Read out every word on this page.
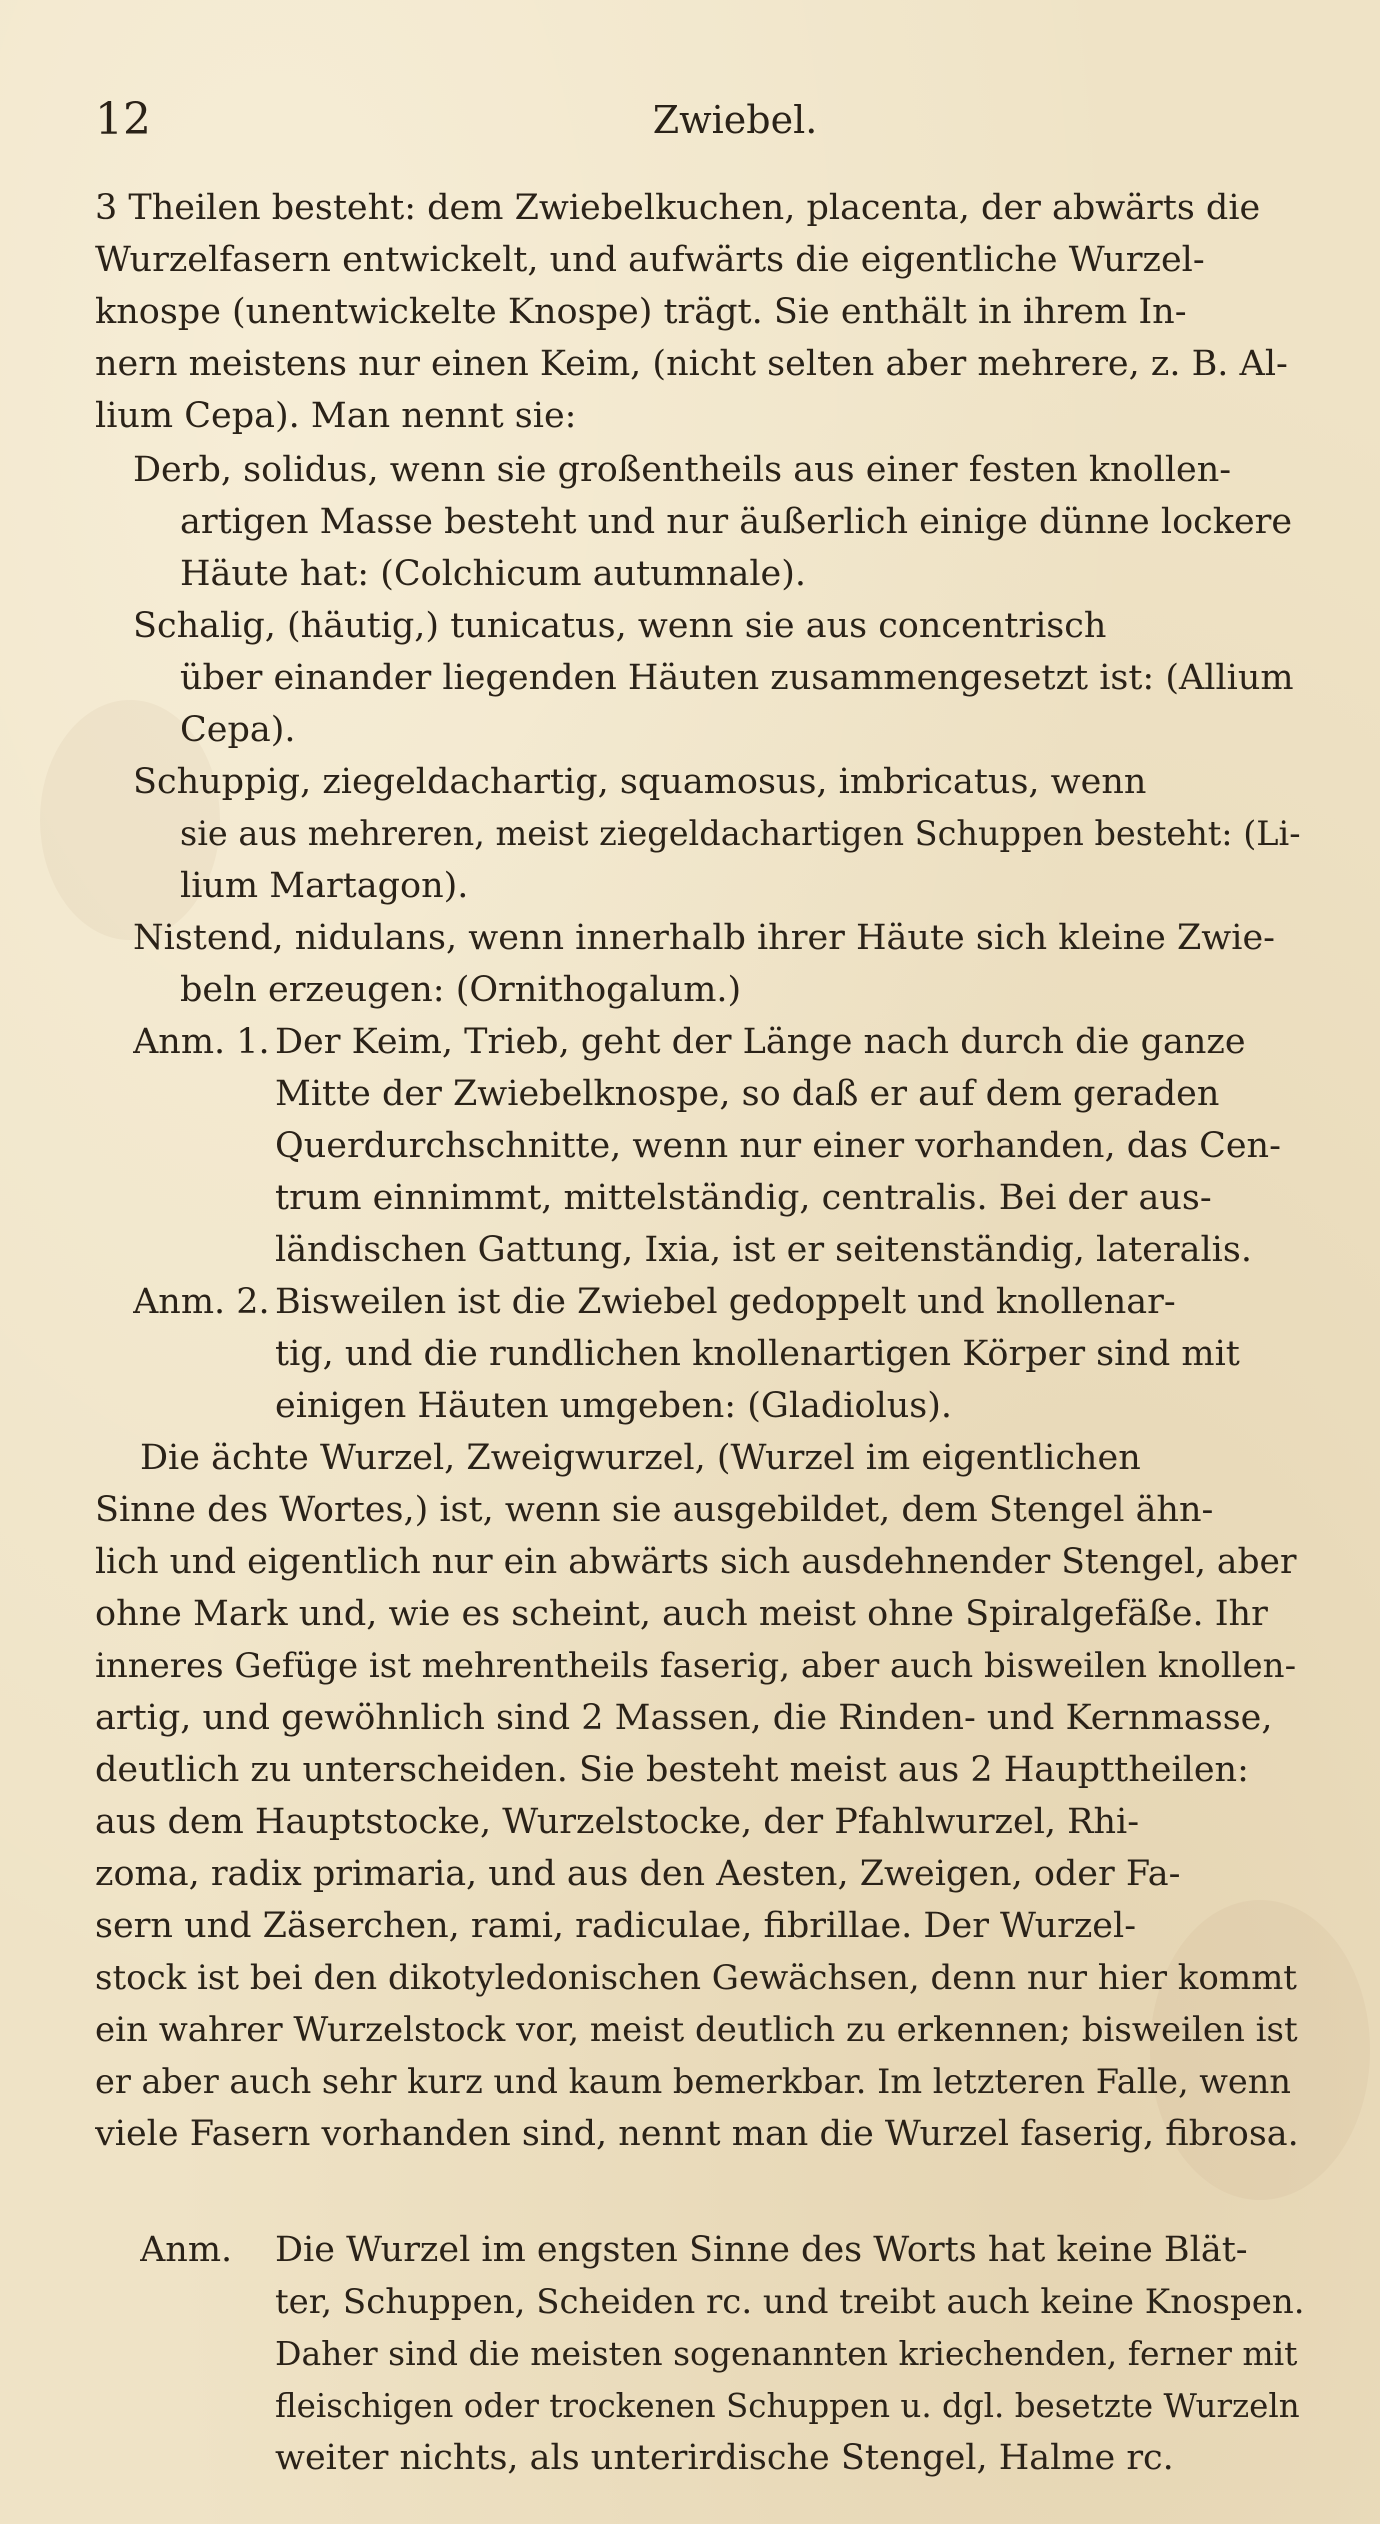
12	Zwiebel.
3 Theilen besteht: dem Zwiebelkuchen, placenta, der abwärts die
Wurzelfasern entwickelt, und aufwärts die eigentliche Wurzel-
knospe (unentwickelte Knospe) trägt. Sie enthält in ihrem In-
nern meistens nur einen Keim, (nicht selten aber mehrere, z. B. Al-
lium Cepa). Man nennt sie:
Derb, solidus, wenn sie großentheils aus einer festen knollen-
artigen Masse besteht und nur äußerlich einige dünne lockere
Häute hat: (Colchicum autumnale).
Schalig, (häutig,) tunicatus, wenn sie aus concentrisch
über einander liegenden Häuten zusammengesetzt ist: (Allium
Cepa).
Schuppig, ziegeldachartig, squamosus, imbricatus, wenn
sie aus mehreren, meist ziegeldachartigen Schuppen besteht: (Li-
lium Martagon).
Nistend, nidulans, wenn innerhalb ihrer Häute sich kleine Zwie-
beln erzeugen: (Ornithogalum.)
Anm. 1. Der Keim, Trieb, geht der Länge nach durch die ganze
Mitte der Zwiebelknospe, so daß er auf dem geraden
Querdurchschnitte, wenn nur einer vorhanden, das Cen-
trum einnimmt, mittelständig, centralis. Bei der aus-
ländischen Gattung, Ixia, ist er seitenständig, lateralis.
Anm. 2. Bisweilen ist die Zwiebel gedoppelt und knollenar-
tig, und die rundlichen knollenartigen Körper sind mit
einigen Häuten umgeben: (Gladiolus).
Die ächte Wurzel, Zweigwurzel, (Wurzel im eigentlichen
Sinne des Wortes,) ist, wenn sie ausgebildet, dem Stengel ähn-
lich und eigentlich nur ein abwärts sich ausdehnender Stengel, aber
ohne Mark und, wie es scheint, auch meist ohne Spiralgefäße. Ihr
inneres Gefüge ist mehrentheils faserig, aber auch bisweilen knollen-
artig, und gewöhnlich sind 2 Massen, die Rinden- und Kernmasse,
deutlich zu unterscheiden. Sie besteht meist aus 2 Haupttheilen:
aus dem Hauptstocke, Wurzelstocke, der Pfahlwurzel, Rhi-
zoma, radix primaria, und aus den Aesten, Zweigen, oder Fa-
sern und Zäserchen, rami, radiculae, fibrillae. Der Wurzel-
stock ist bei den dikotyledonischen Gewächsen, denn nur hier kommt
ein wahrer Wurzelstock vor, meist deutlich zu erkennen; bisweilen ist
er aber auch sehr kurz und kaum bemerkbar. Im letzteren Falle, wenn
viele Fasern vorhanden sind, nennt man die Wurzel faserig, fibrosa.
Anm.	Die Wurzel im engsten Sinne des Worts hat keine Blät-
ter, Schuppen, Scheiden rc. und treibt auch keine Knospen.
Daher sind die meisten sogenannten kriechenden, ferner mit
fleischigen oder trockenen Schuppen u. dgl. besetzte Wurzeln
weiter nichts, als unterirdische Stengel, Halme rc.
